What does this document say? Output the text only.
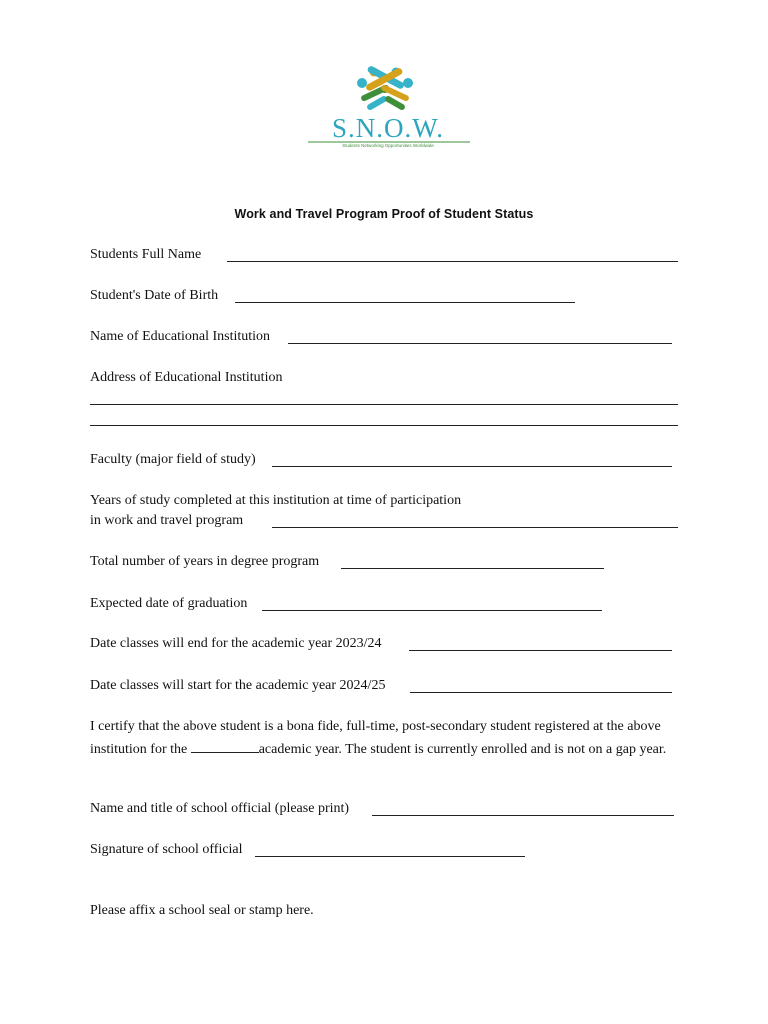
S.N.O.W.
Students Networking Opportunities Worldwide
Work and Travel Program Proof of Student Status
Students Full Name
Student's Date of Birth
Name of Educational Institution
Address of Educational Institution
Faculty (major field of study)
Years of study completed at this institution at time of participation
in work and travel program
Total number of years in degree program
Expected date of graduation
Date classes will end for the academic year 2023/24
Date classes will start for the academic year 2024/25
I certify that the above student is a bona fide, full-time, post-secondary student registered at the above institution for the	academic year. The student is currently enrolled and is not on a gap year.
Name and title of school official (please print)
Signature of school official
Please affix a school seal or stamp here.
